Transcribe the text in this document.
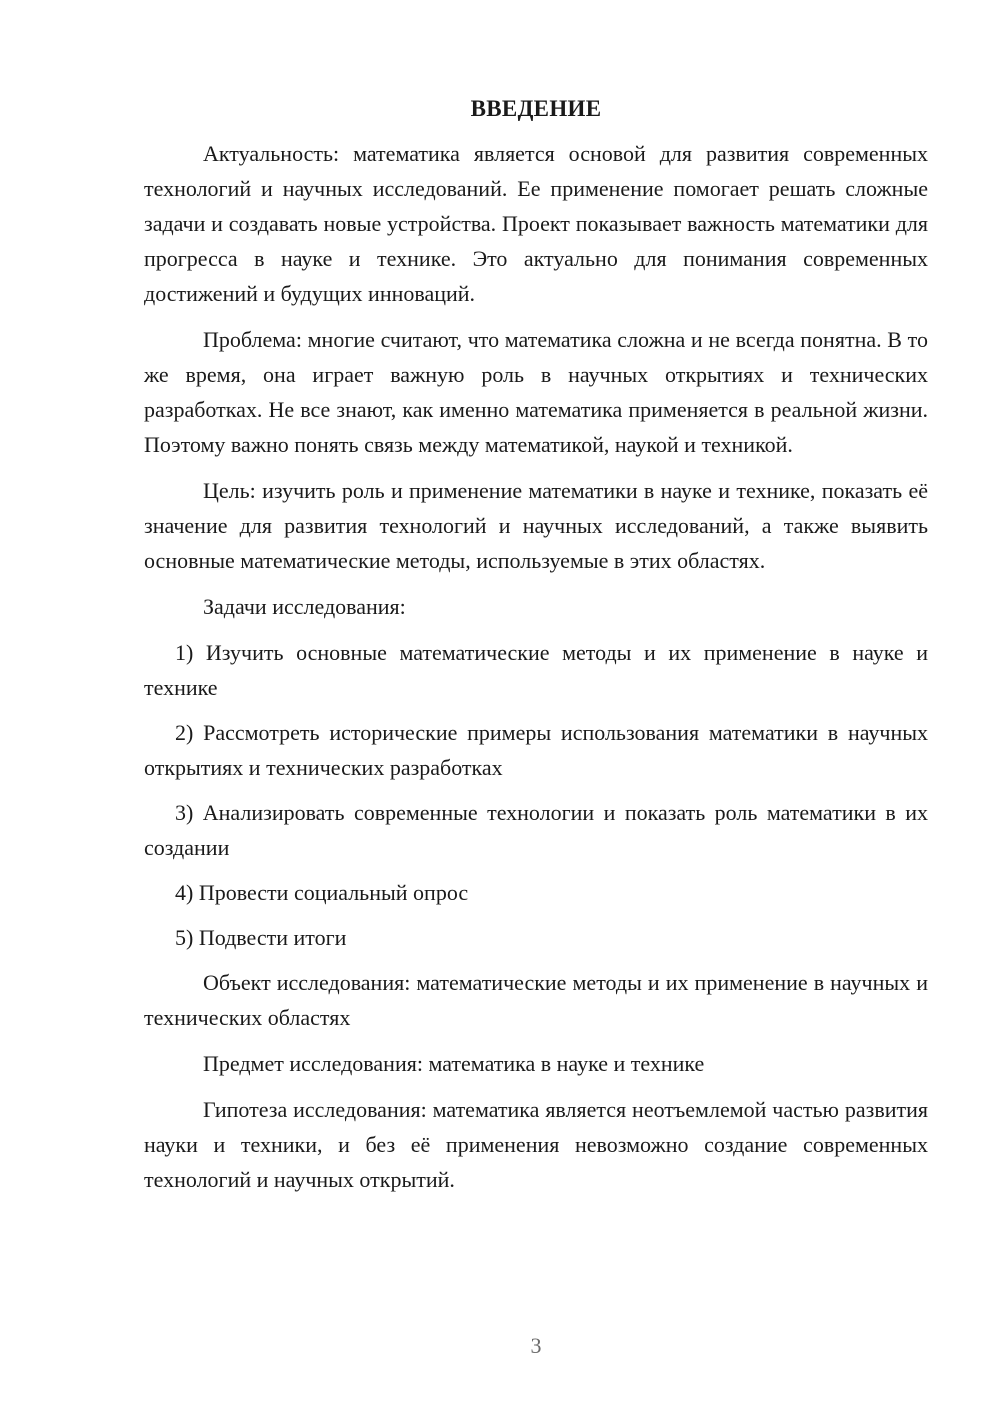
ВВЕДЕНИЕ

Актуальность: математика является основой для развития современных технологий и научных исследований. Ее применение помогает решать сложные задачи и создавать новые устройства. Проект показывает важность математики для прогресса в науке и технике. Это актуально для понимания современных достижений и будущих инноваций.

Проблема: многие считают, что математика сложна и не всегда понятна. В то же время, она играет важную роль в научных открытиях и технических разработках. Не все знают, как именно математика применяется в реальной жизни. Поэтому важно понять связь между математикой, наукой и техникой.

Цель: изучить роль и применение математики в науке и технике, показать её значение для развития технологий и научных исследований, а также выявить основные математические методы, используемые в этих областях.

Задачи исследования:

1) Изучить основные математические методы и их применение в науке и технике

2) Рассмотреть исторические примеры использования математики в научных открытиях и технических разработках

3) Анализировать современные технологии и показать роль математики в их создании

4) Провести социальный опрос

5) Подвести итоги

Объект исследования: математические методы и их применение в научных и технических областях

Предмет исследования: математика в науке и технике

Гипотеза исследования: математика является неотъемлемой частью развития науки и техники, и без её применения невозможно создание современных технологий и научных открытий.

3
